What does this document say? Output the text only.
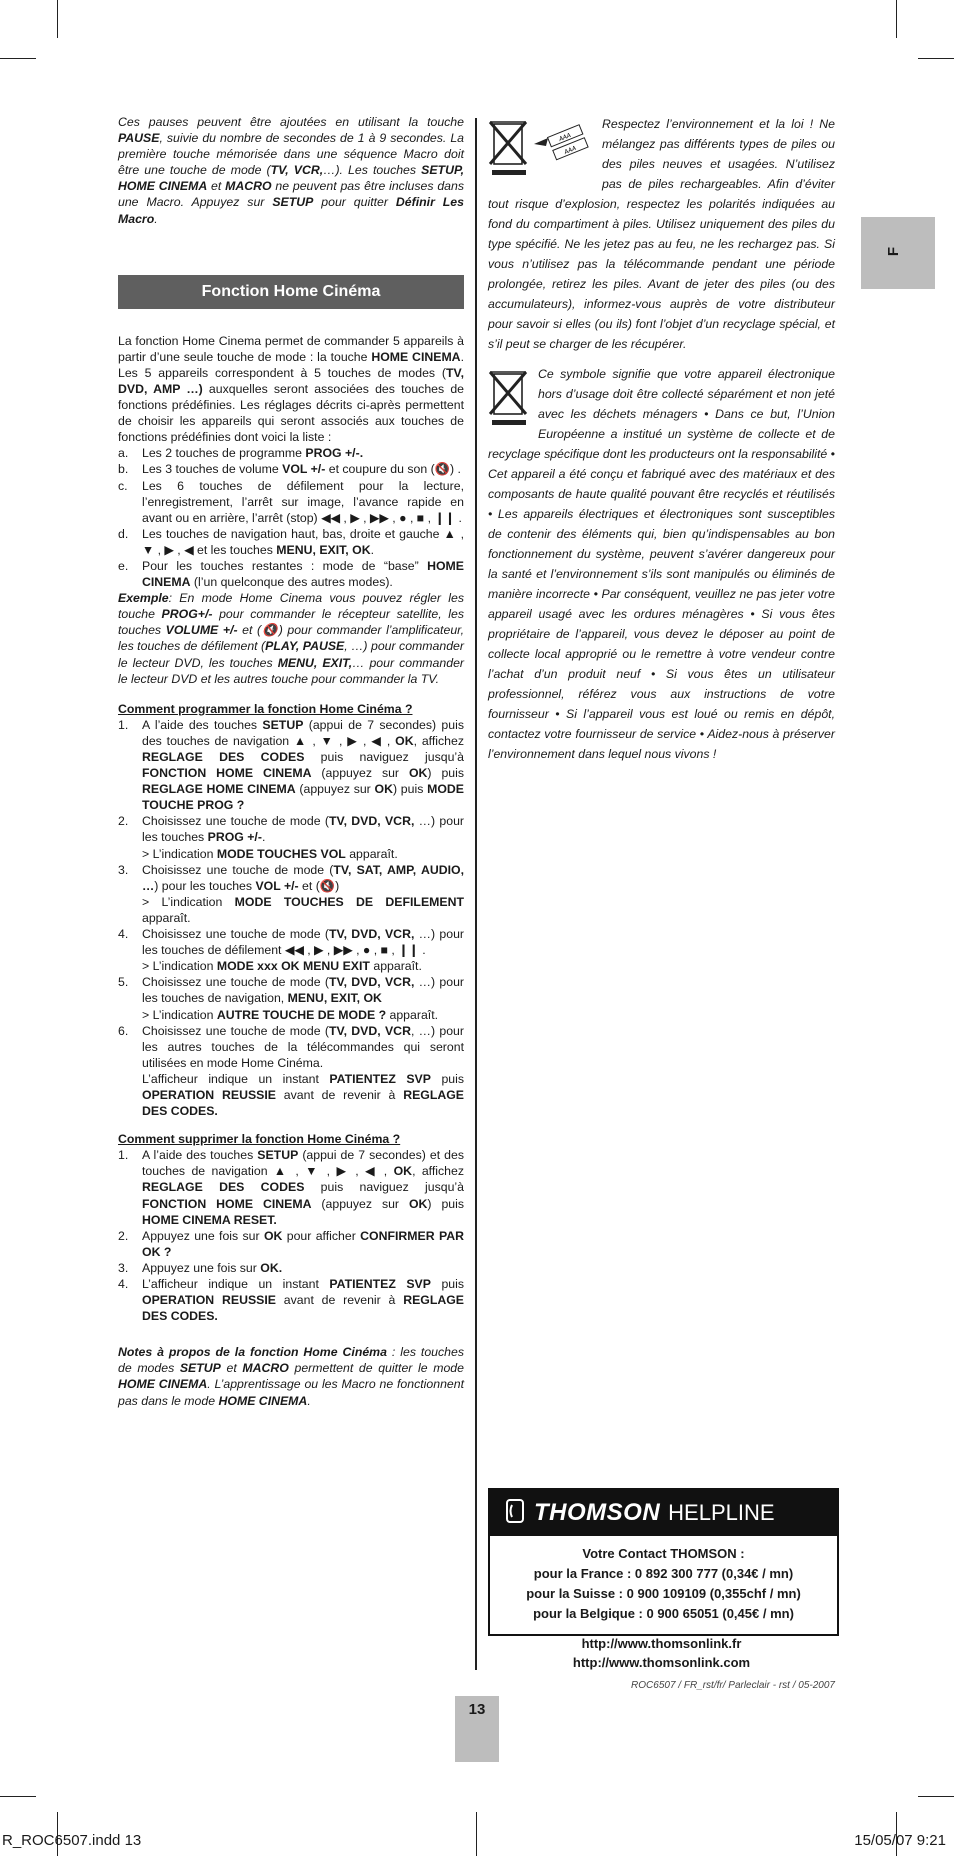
Ces pauses peuvent être ajoutées en utilisant la touche PAUSE, suivie du nombre de secondes de 1 à 9 secondes. La première touche mémorisée dans une séquence Macro doit être une touche de mode (TV, VCR,…). Les touches SETUP, HOME CINEMA et MACRO ne peuvent pas être incluses dans une Macro. Appuyez sur SETUP pour quitter Définir Les Macro.

Fonction Home Cinéma

La fonction Home Cinema permet de commander 5 appareils à partir d’une seule touche de mode : la touche HOME CINEMA. Les 5 appareils correspondent à 5 touches de modes (TV, DVD, AMP …) auxquelles seront associées des touches de fonctions prédéfinies. Les réglages décrits ci-après permettent de choisir les appareils qui seront associés aux touches de fonctions prédéfinies dont voici la liste :

a. Les 2 touches de programme PROG +/-.
b. Les 3 touches de volume VOL +/- et coupure du son (🔇) .
c. Les 6 touches de défilement pour la lecture, l’enregistrement, l’arrêt sur image, l’avance rapide en avant ou en arrière, l’arrêt (stop) ◀◀ , ▶ , ▶▶ , ● , ■ , ❙❙ .
d. Les touches de navigation haut, bas, droite et gauche ▲ , ▼ , ▶ , ◀ et les touches MENU, EXIT, OK.
e. Pour les touches restantes : mode de “base” HOME CINEMA (l’un quelconque des autres modes).

Exemple: En mode Home Cinema vous pouvez régler les touche PROG+/- pour commander le récepteur satellite, les touches VOLUME +/- et (🔇) pour commander l’amplificateur, les touches de défilement (PLAY, PAUSE, …) pour commander le lecteur DVD, les touches MENU, EXIT,… pour commander le lecteur DVD et les autres touche pour commander la TV.

Comment programmer la fonction Home Cinéma ?

1. A l’aide des touches SETUP (appui de 7 secondes) puis des touches de navigation ▲ , ▼ , ▶ , ◀ , OK, affichez REGLAGE DES CODES puis naviguez jusqu’à FONCTION HOME CINEMA (appuyez sur OK) puis REGLAGE HOME CINEMA (appuyez sur OK) puis MODE TOUCHE PROG ?
2. Choisissez une touche de mode (TV, DVD, VCR, …) pour les touches PROG +/-.
> L’indication MODE TOUCHES VOL apparaît.
3. Choisissez une touche de mode (TV, SAT, AMP, AUDIO, …) pour les touches VOL +/- et (🔇)
> L’indication MODE TOUCHES DE DEFILEMENT apparaît.
4. Choisissez une touche de mode (TV, DVD, VCR, …) pour les touches de défilement ◀◀ , ▶ , ▶▶ , ● , ■ , ❙❙ .
> L’indication MODE xxx OK MENU EXIT apparaît.
5. Choisissez une touche de mode (TV, DVD, VCR, …) pour les touches de navigation, MENU, EXIT, OK
> L’indication AUTRE TOUCHE DE MODE ? apparaît.
6. Choisissez une touche de mode (TV, DVD, VCR, …) pour les autres touches de la télécommandes qui seront utilisées en mode Home Cinéma.
L’afficheur indique un instant PATIENTEZ SVP puis OPERATION REUSSIE avant de revenir à REGLAGE DES CODES.

Comment supprimer la fonction Home Cinéma ?

1. A l’aide des touches SETUP (appui de 7 secondes) et des touches de navigation ▲ , ▼ , ▶ , ◀ , OK, affichez REGLAGE DES CODES puis naviguez jusqu’à FONCTION HOME CINEMA (appuyez sur OK) puis HOME CINEMA RESET.
2. Appuyez une fois sur OK pour afficher CONFIRMER PAR OK ?
3. Appuyez une fois sur OK.
4. L’afficheur indique un instant PATIENTEZ SVP puis OPERATION REUSSIE avant de revenir à REGLAGE DES CODES.

Notes à propos de la fonction Home Cinéma : les touches de modes SETUP et MACRO permettent de quitter le mode HOME CINEMA. L’apprentissage ou les Macro ne fonctionnent pas dans le mode HOME CINEMA.

AAA
AAA
Respectez l’environnement et la loi ! Ne mélangez pas différents types de piles ou des piles neuves et usagées. N’utilisez pas de piles rechargeables. Afin d’éviter tout risque d’explosion, respectez les polarités indiquées au fond du compartiment à piles. Utilisez uniquement des piles du type spécifié. Ne les jetez pas au feu, ne les rechargez pas. Si vous n’utilisez pas la télécommande pendant une période prolongée, retirez les piles. Avant de jeter des piles (ou des accumulateurs), informez-vous auprès de votre distributeur pour savoir si elles (ou ils) font l’objet d’un recyclage spécial, et s’il peut se charger de les récupérer.
Ce symbole signifie que votre appareil électronique hors d’usage doit être collecté séparément et non jeté avec les déchets ménagers • Dans ce but, l’Union Européenne a institué un système de collecte et de recyclage spécifique dont les producteurs ont la responsabilité • Cet appareil a été conçu et fabriqué avec des matériaux et des composants de haute qualité pouvant être recyclés et réutilisés • Les appareils électriques et électroniques sont susceptibles de contenir des éléments qui, bien qu’indispensables au bon fonctionnement du système, peuvent s’avérer dangereux pour la santé et l’environnement s’ils sont manipulés ou éliminés de manière incorrecte • Par conséquent, veuillez ne pas jeter votre appareil usagé avec les ordures ménagères • Si vous êtes propriétaire de l’appareil, vous devez le déposer au point de collecte local approprié ou le remettre à votre vendeur contre l’achat d’un produit neuf • Si vous êtes un utilisateur professionnel, référez vous aux instructions de votre fournisseur • Si l’appareil vous est loué ou remis en dépôt, contactez votre fournisseur de service • Aidez-nous à préserver l’environnement dans lequel nous vivons !
F
THOMSON HELPLINE
Votre Contact THOMSON :
pour la France : 0 892 300 777 (0,34€ / mn)
pour la Suisse : 0 900 109109 (0,355chf / mn)
pour la Belgique : 0 900 65051 (0,45€ / mn)
http://www.thomsonlink.fr
http://www.thomsonlink.com
ROC6507 / FR_rst/fr/ Parleclair - rst / 05-2007
13
R_ROC6507.indd 13	15/05/07 9:21
